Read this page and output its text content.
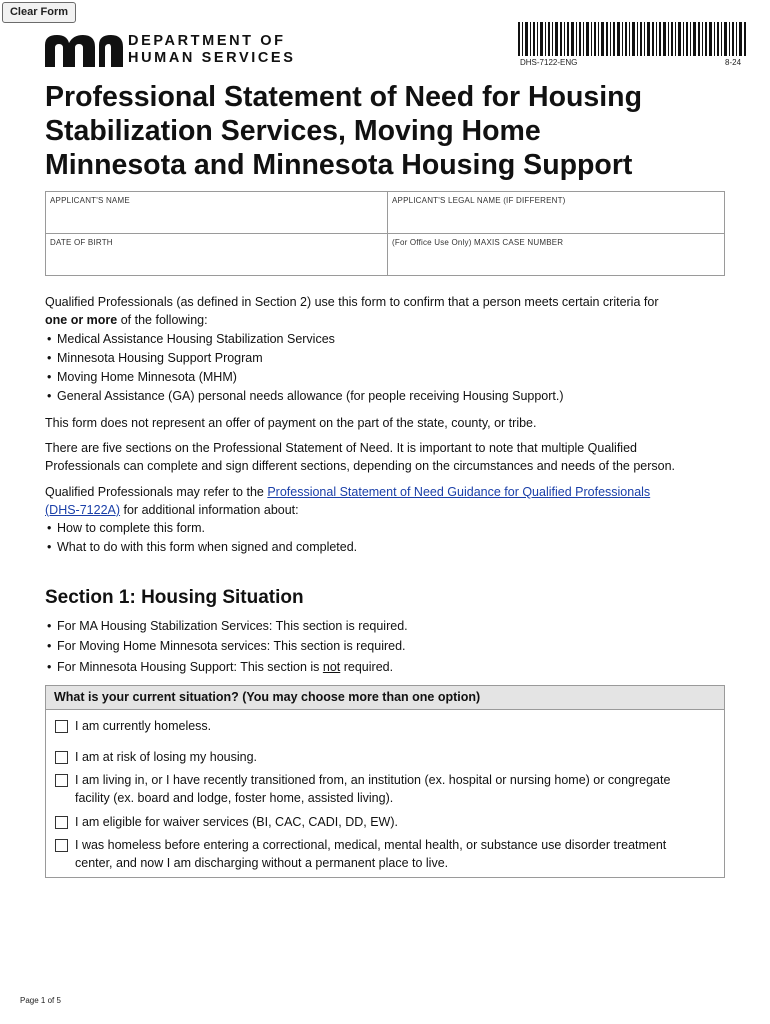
Clear Form
DEPARTMENT OF
HUMAN SERVICES	DHS-7122-ENG	8-24
Professional Statement of Need for Housing
Stabilization Services, Moving Home
Minnesota and Minnesota Housing Support
APPLICANT'S NAME	APPLICANT'S LEGAL NAME (IF DIFFERENT)
DATE OF BIRTH	(For Office Use Only) MAXIS CASE NUMBER

Qualified Professionals (as defined in Section 2) use this form to confirm that a person meets certain criteria for
one or more of the following:

• Medical Assistance Housing Stabilization Services
• Minnesota Housing Support Program
• Moving Home Minnesota (MHM)
• General Assistance (GA) personal needs allowance (for people receiving Housing Support.)

This form does not represent an offer of payment on the part of the state, county, or tribe.

There are five sections on the Professional Statement of Need. It is important to note that multiple Qualified
Professionals can complete and sign different sections, depending on the circumstances and needs of the person.

Qualified Professionals may refer to the Professional Statement of Need Guidance for Qualified Professionals
(DHS-7122A) for additional information about:

• How to complete this form.
• What to do with this form when signed and completed.
Section 1: Housing Situation
• For MA Housing Stabilization Services: This section is required.
• For Moving Home Minnesota services: This section is required.
• For Minnesota Housing Support: This section is not required.
What is your current situation? (You may choose more than one option)
I am currently homeless.
I am at risk of losing my housing.
I am living in, or I have recently transitioned from, an institution (ex. hospital or nursing home) or congregate
facility (ex. board and lodge, foster home, assisted living).
I am eligible for waiver services (BI, CAC, CADI, DD, EW).
I was homeless before entering a correctional, medical, mental health, or substance use disorder treatment
center, and now I am discharging without a permanent place to live.
Page 1 of 5
